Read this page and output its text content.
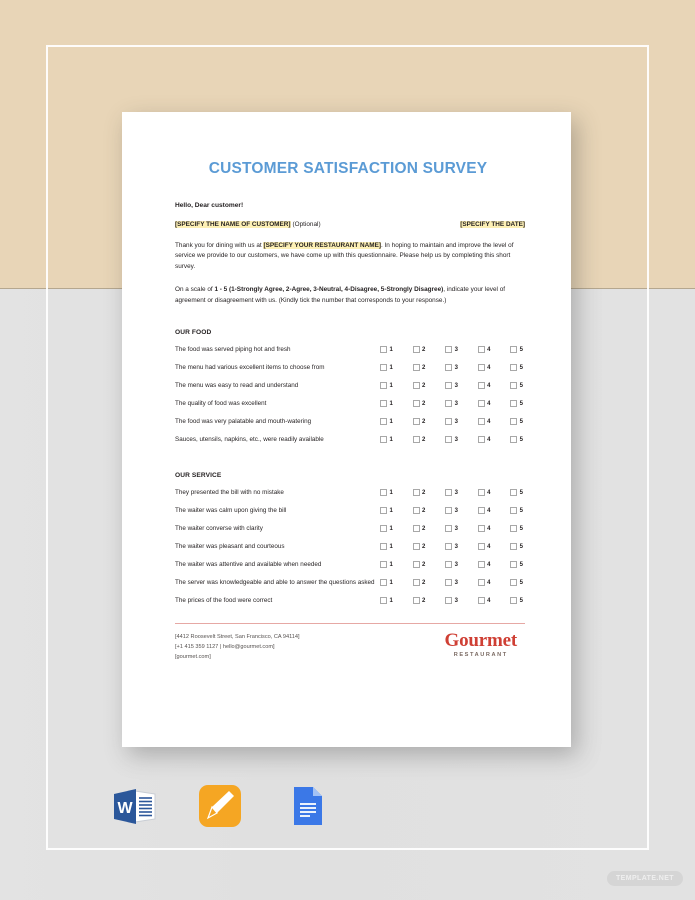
CUSTOMER SATISFACTION SURVEY
Hello, Dear customer!
[SPECIFY THE NAME OF CUSTOMER] (Optional)	[SPECIFY THE DATE]
Thank you for dining with us at [SPECIFY YOUR RESTAURANT NAME]. In hoping to maintain and improve the level of service we provide to our customers, we have come up with this questionnaire. Please help us by completing this short survey.
On a scale of 1 - 5 (1-Strongly Agree, 2-Agree, 3-Neutral, 4-Disagree, 5-Strongly Disagree), indicate your level of agreement or disagreement with us. (Kindly tick the number that corresponds to your response.)
OUR FOOD
The food was served piping hot and fresh	1	2	3	4	5
The menu had various excellent items to choose from	1	2	3	4	5
The menu was easy to read and understand	1	2	3	4	5
The quality of food was excellent	1	2	3	4	5
The food was very palatable and mouth-watering	1	2	3	4	5
Sauces, utensils, napkins, etc., were readily available	1	2	3	4	5
OUR SERVICE
They presented the bill with no mistake	1	2	3	4	5
The waiter was calm upon giving the bill	1	2	3	4	5
The waiter converse with clarity	1	2	3	4	5
The waiter was pleasant and courteous	1	2	3	4	5
The waiter was attentive and available when needed	1	2	3	4	5
The server was knowledgeable and able to answer the questions asked	1	2	3	4	5
The prices of the food were correct	1	2	3	4	5
[4412 Roosevelt Street, San Francisco, CA 94114]
[+1 415 359 1127 | hello@gourmet.com]
[gourmet.com]
Gourmet
RESTAURANT
W
TEMPLATE.NET
